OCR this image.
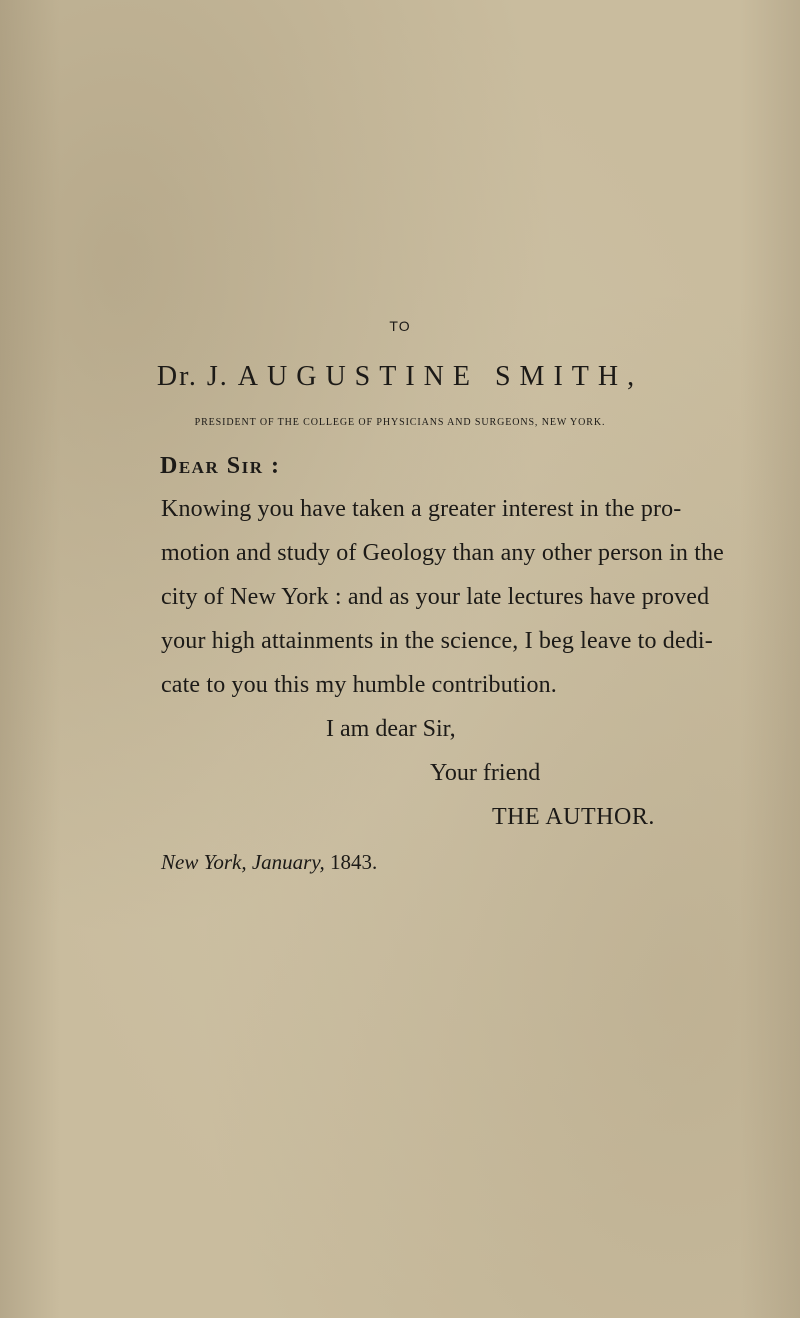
TO
Dr. J. AUGUSTINE SMITH,
PRESIDENT OF THE COLLEGE OF PHYSICIANS AND SURGEONS, NEW YORK.
DEAR SIR :
Knowing you have taken a greater interest in the pro-
motion and study of Geology than any other person in the
city of New York : and as your late lectures have proved
your high attainments in the science, I beg leave to dedi-
cate to you this my humble contribution.
I am dear Sir,
Your friend
THE AUTHOR.
New York, January, 1843.
